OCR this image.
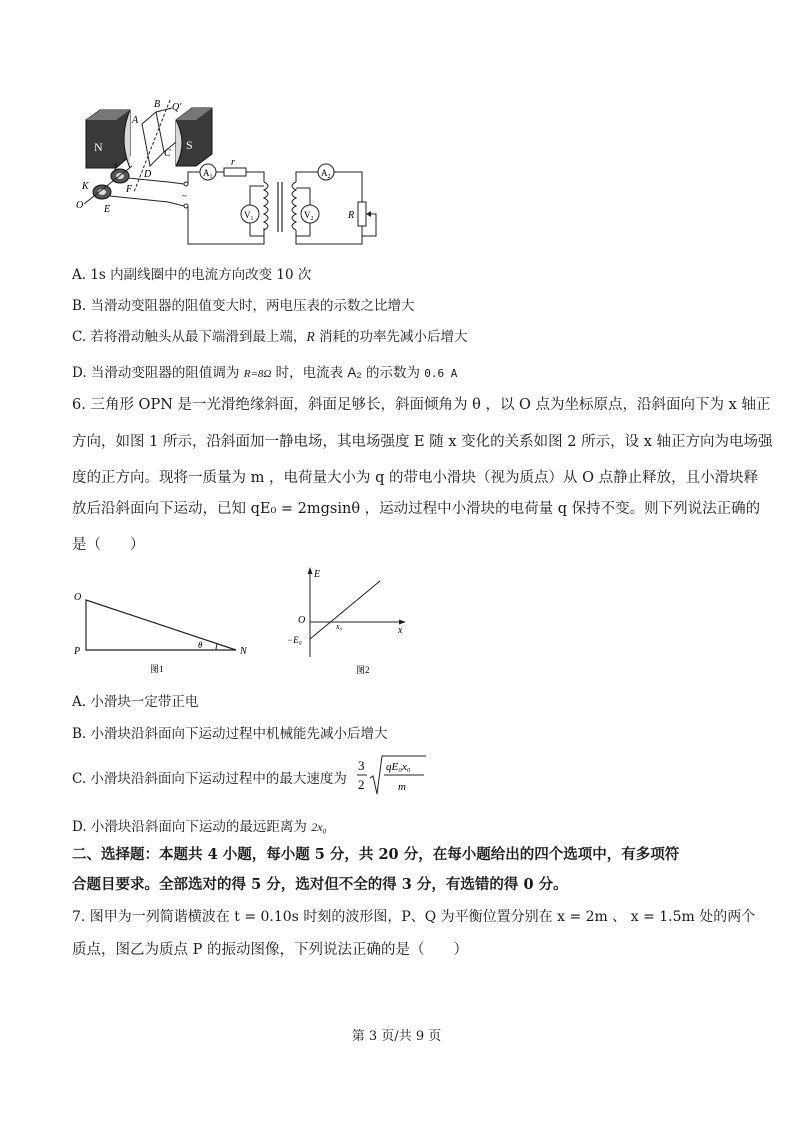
N	S
B Q'
A
C
K
L
O E
F
D
~
$A_1$
r
$V_1$	$V_2$
$A_2$
R
A. 1s 内副线圈中的电流方向改变 10 次
B. 当滑动变阻器的阻值变大时，两电压表的示数之比增大
C. 若将滑动触头从最下端滑到最上端，R 消耗的功率先减小后增大
D. 当滑动变阻器的阻值调为 R=8Ω 时，电流表 A₂ 的示数为 0.6 A
6. 三角形 OPN 是一光滑绝缘斜面，斜面足够长，斜面倾角为 θ ，以 O 点为坐标原点，沿斜面向下为 x 轴正
方向，如图 1 所示，沿斜面加一静电场，其电场强度 E 随 x 变化的关系如图 2 所示，设 x 轴正方向为电场强
度的正方向。现将一质量为 m ，电荷量大小为 q 的带电小滑块（视为质点）从 O 点静止释放，且小滑块释
放后沿斜面向下运动，已知 qE₀ = 2mgsinθ ，运动过程中小滑块的电荷量 q 保持不变。则下列说法正确的
是（　　）
O
P	N
θ
图1
E
O
x₀	x
−E₀
图2
A. 小滑块一定带正电
B. 小滑块沿斜面向下运动过程中机械能先减小后增大
C. 小滑块沿斜面向下运动过程中的最大速度为
3
2
qE₀x₀
m
D. 小滑块沿斜面向下运动的最远距离为 2x₀
二、选择题：本题共 4 小题，每小题 5 分，共 20 分，在每小题给出的四个选项中，有多项符
合题目要求。全部选对的得 5 分，选对但不全的得 3 分，有选错的得 0 分。
7. 图甲为一列简谐横波在 t = 0.10s 时刻的波形图，P、Q 为平衡位置分别在 x = 2m 、 x = 1.5m 处的两个
质点，图乙为质点 P 的振动图像，下列说法正确的是（　　）
第 3 页/共 9 页
